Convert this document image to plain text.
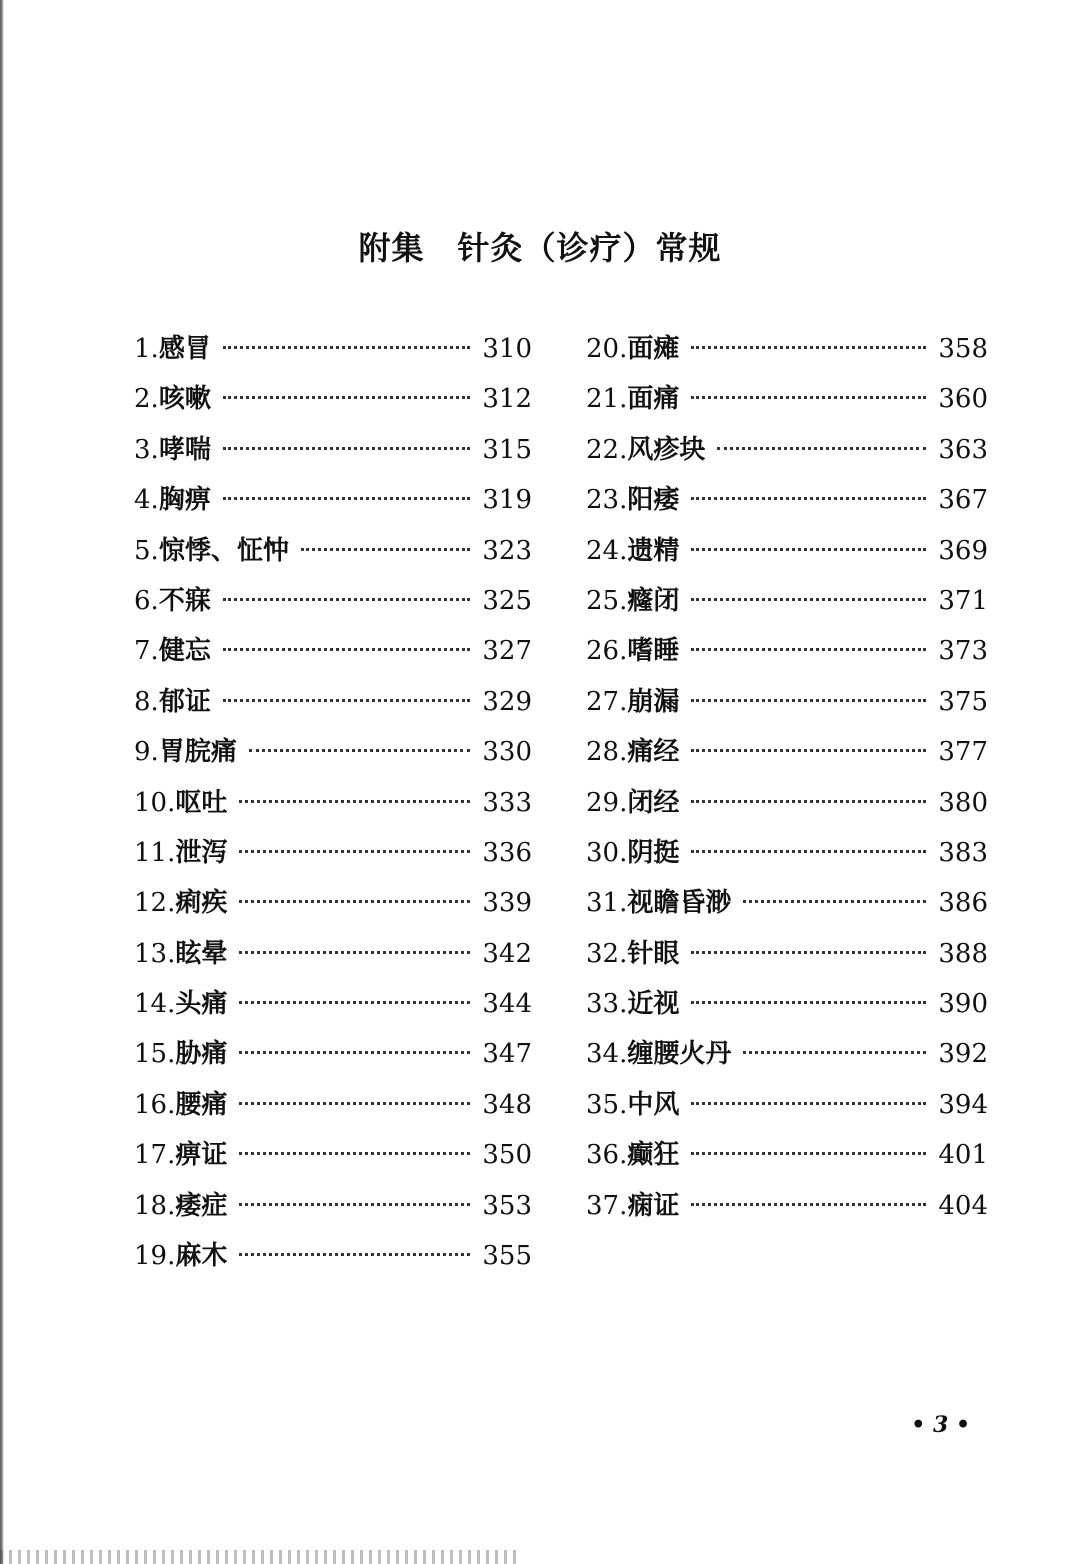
附集　针灸（诊疗）常规
1. 感冒	310
2. 咳嗽	312
3. 哮喘	315
4. 胸痹	319
5. 惊悸、怔忡	323
6. 不寐	325
7. 健忘	327
8. 郁证	329
9. 胃脘痛	330
10. 呕吐	333
11. 泄泻	336
12. 痢疾	339
13. 眩晕	342
14. 头痛	344
15. 胁痛	347
16. 腰痛	348
17. 痹证	350
18. 痿症	353
19. 麻木	355
20. 面瘫	358
21. 面痛	360
22. 风疹块	363
23. 阳痿	367
24. 遗精	369
25. 癃闭	371
26. 嗜睡	373
27. 崩漏	375
28. 痛经	377
29. 闭经	380
30. 阴挺	383
31. 视瞻昏渺	386
32. 针眼	388
33. 近视	390
34. 缠腰火丹	392
35. 中风	394
36. 癫狂	401
37. 痫证	404
• 3 •
